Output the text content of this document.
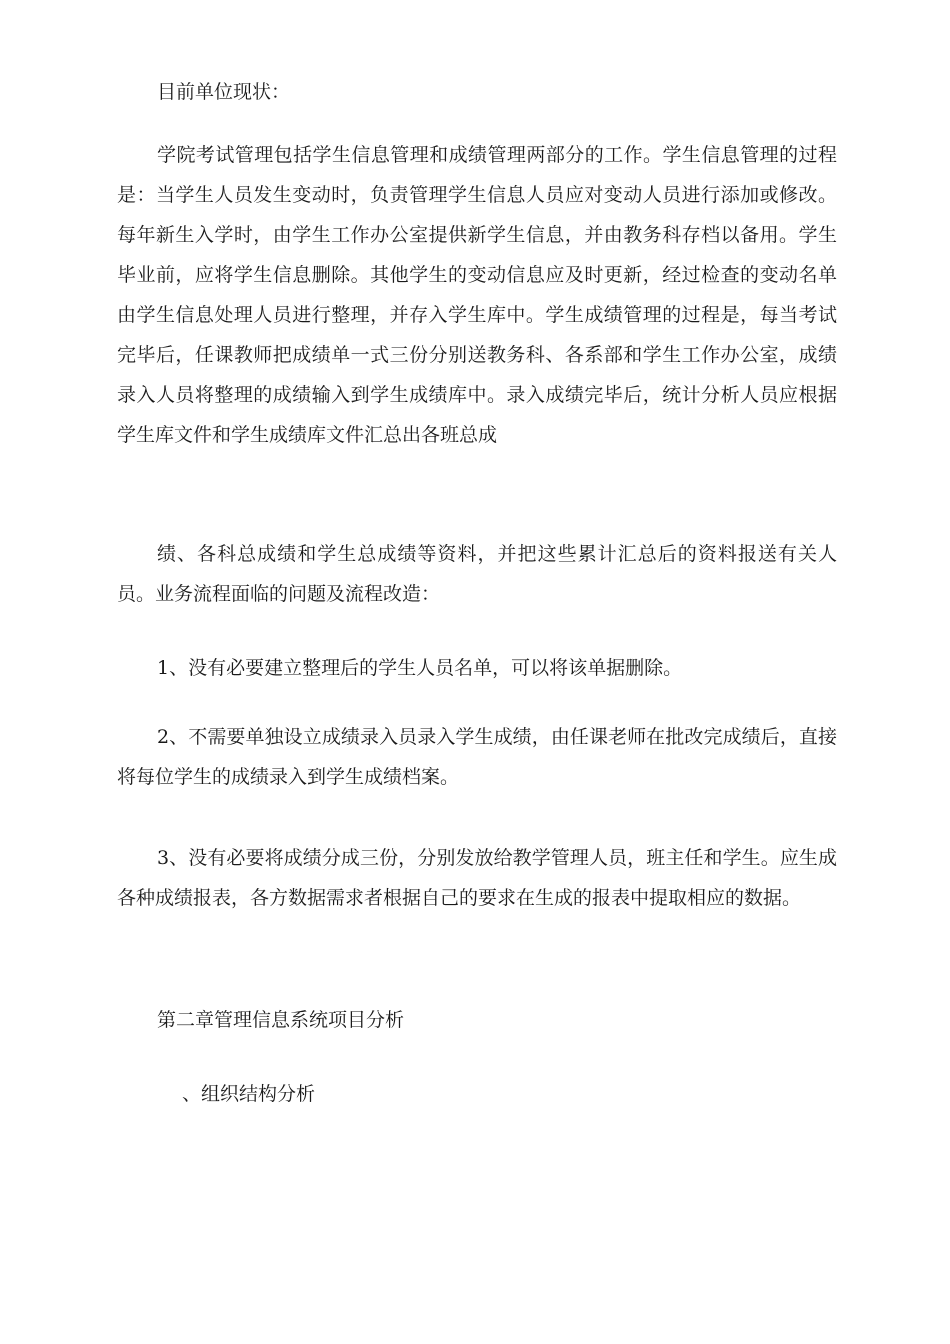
目前单位现状：

学院考试管理包括学生信息管理和成绩管理两部分的工作。学生信息管理的过程是：当学生人员发生变动时，负责管理学生信息人员应对变动人员进行添加或修改。每年新生入学时，由学生工作办公室提供新学生信息，并由教务科存档以备用。学生毕业前，应将学生信息删除。其他学生的变动信息应及时更新，经过检查的变动名单由学生信息处理人员进行整理，并存入学生库中。学生成绩管理的过程是，每当考试完毕后，任课教师把成绩单一式三份分别送教务科、各系部和学生工作办公室，成绩录入人员将整理的成绩输入到学生成绩库中。录入成绩完毕后，统计分析人员应根据学生库文件和学生成绩库文件汇总出各班总成

绩、各科总成绩和学生总成绩等资料，并把这些累计汇总后的资料报送有关人员。业务流程面临的问题及流程改造：

1、没有必要建立整理后的学生人员名单，可以将该单据删除。

2、不需要单独设立成绩录入员录入学生成绩，由任课老师在批改完成绩后，直接将每位学生的成绩录入到学生成绩档案。

3、没有必要将成绩分成三份，分别发放给教学管理人员，班主任和学生。应生成各种成绩报表，各方数据需求者根据自己的要求在生成的报表中提取相应的数据。

第二章管理信息系统项目分析

、组织结构分析
